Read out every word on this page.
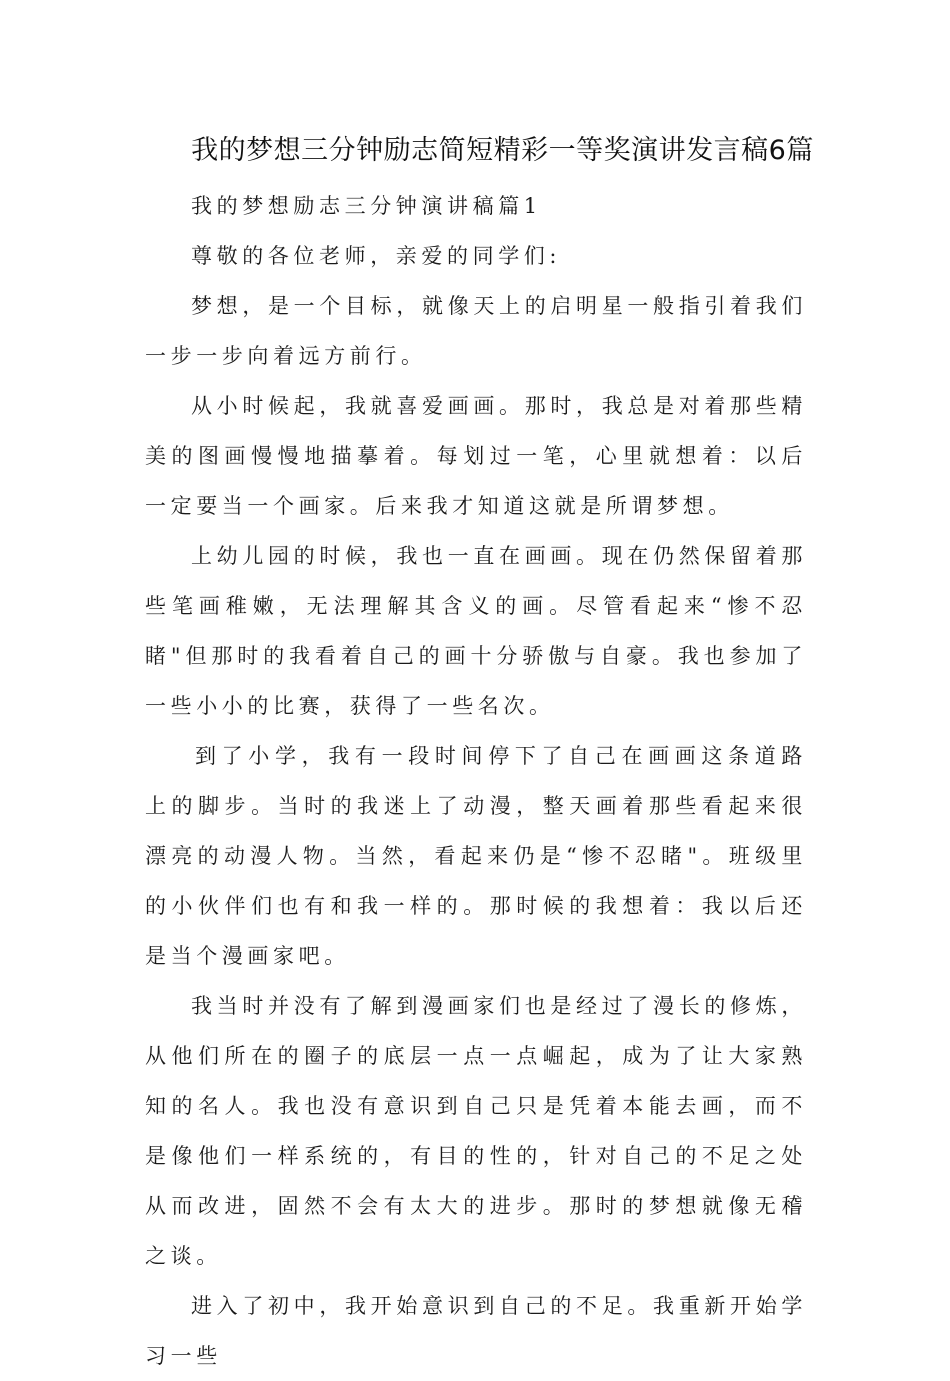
我的梦想三分钟励志简短精彩一等奖演讲发言稿6篇

我的梦想励志三分钟演讲稿篇1

尊敬的各位老师，亲爱的同学们:

梦想，是一个目标，就像天上的启明星一般指引着我们一步一步向着远方前行。

从小时候起，我就喜爱画画。那时，我总是对着那些精美的图画慢慢地描摹着。每划过一笔，心里就想着：以后一定要当一个画家。后来我才知道这就是所谓梦想。

上幼儿园的时候，我也一直在画画。现在仍然保留着那些笔画稚嫩，无法理解其含义的画。尽管看起来“惨不忍睹"但那时的我看着自己的画十分骄傲与自豪。我也参加了一些小小的比赛，获得了一些名次。

到了小学，我有一段时间停下了自己在画画这条道路上的脚步。当时的我迷上了动漫，整天画着那些看起来很漂亮的动漫人物。当然，看起来仍是“惨不忍睹"。班级里的小伙伴们也有和我一样的。那时候的我想着：我以后还是当个漫画家吧。

我当时并没有了解到漫画家们也是经过了漫长的修炼，从他们所在的圈子的底层一点一点崛起，成为了让大家熟知的名人。我也没有意识到自己只是凭着本能去画，而不是像他们一样系统的，有目的性的，针对自己的不足之处从而改进，固然不会有太大的进步。那时的梦想就像无稽之谈。

进入了初中，我开始意识到自己的不足。我重新开始学习一些
